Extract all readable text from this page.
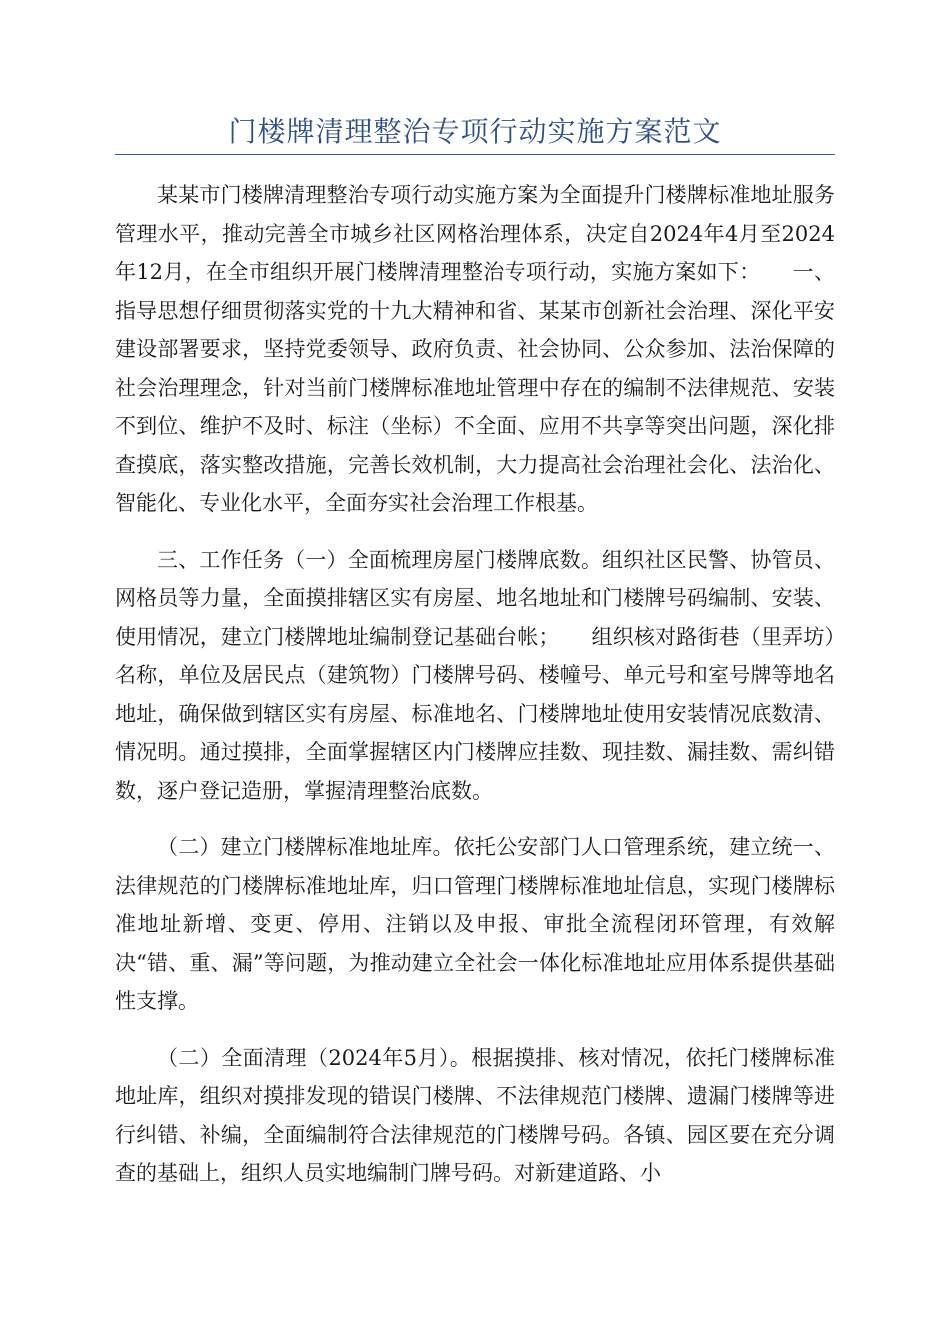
门楼牌清理整治专项行动实施方案范文

某某市门楼牌清理整治专项行动实施方案为全面提升门楼牌标准地址服务管理水平，推动完善全市城乡社区网格治理体系，决定自2024年4月至2024年12月，在全市组织开展门楼牌清理整治专项行动，实施方案如下：　　一、指导思想仔细贯彻落实党的十九大精神和省、某某市创新社会治理、深化平安建设部署要求，坚持党委领导、政府负责、社会协同、公众参加、法治保障的社会治理理念，针对当前门楼牌标准地址管理中存在的编制不法律规范、安装不到位、维护不及时、标注（坐标）不全面、应用不共享等突出问题，深化排查摸底，落实整改措施，完善长效机制，大力提高社会治理社会化、法治化、智能化、专业化水平，全面夯实社会治理工作根基。

三、工作任务（一）全面梳理房屋门楼牌底数。组织社区民警、协管员、网格员等力量，全面摸排辖区实有房屋、地名地址和门楼牌号码编制、安装、使用情况，建立门楼牌地址编制登记基础台帐；　　组织核对路街巷（里弄坊）名称，单位及居民点（建筑物）门楼牌号码、楼幢号、单元号和室号牌等地名地址，确保做到辖区实有房屋、标准地名、门楼牌地址使用安装情况底数清、情况明。通过摸排，全面掌握辖区内门楼牌应挂数、现挂数、漏挂数、需纠错数，逐户登记造册，掌握清理整治底数。

（二）建立门楼牌标准地址库。依托公安部门人口管理系统，建立统一、法律规范的门楼牌标准地址库，归口管理门楼牌标准地址信息，实现门楼牌标准地址新增、变更、停用、注销以及申报、审批全流程闭环管理，有效解决“错、重、漏”等问题，为推动建立全社会一体化标准地址应用体系提供基础性支撑。

（二）全面清理（2024年5月）。根据摸排、核对情况，依托门楼牌标准地址库，组织对摸排发现的错误门楼牌、不法律规范门楼牌、遗漏门楼牌等进行纠错、补编，全面编制符合法律规范的门楼牌号码。各镇、园区要在充分调查的基础上，组织人员实地编制门牌号码。对新建道路、小
